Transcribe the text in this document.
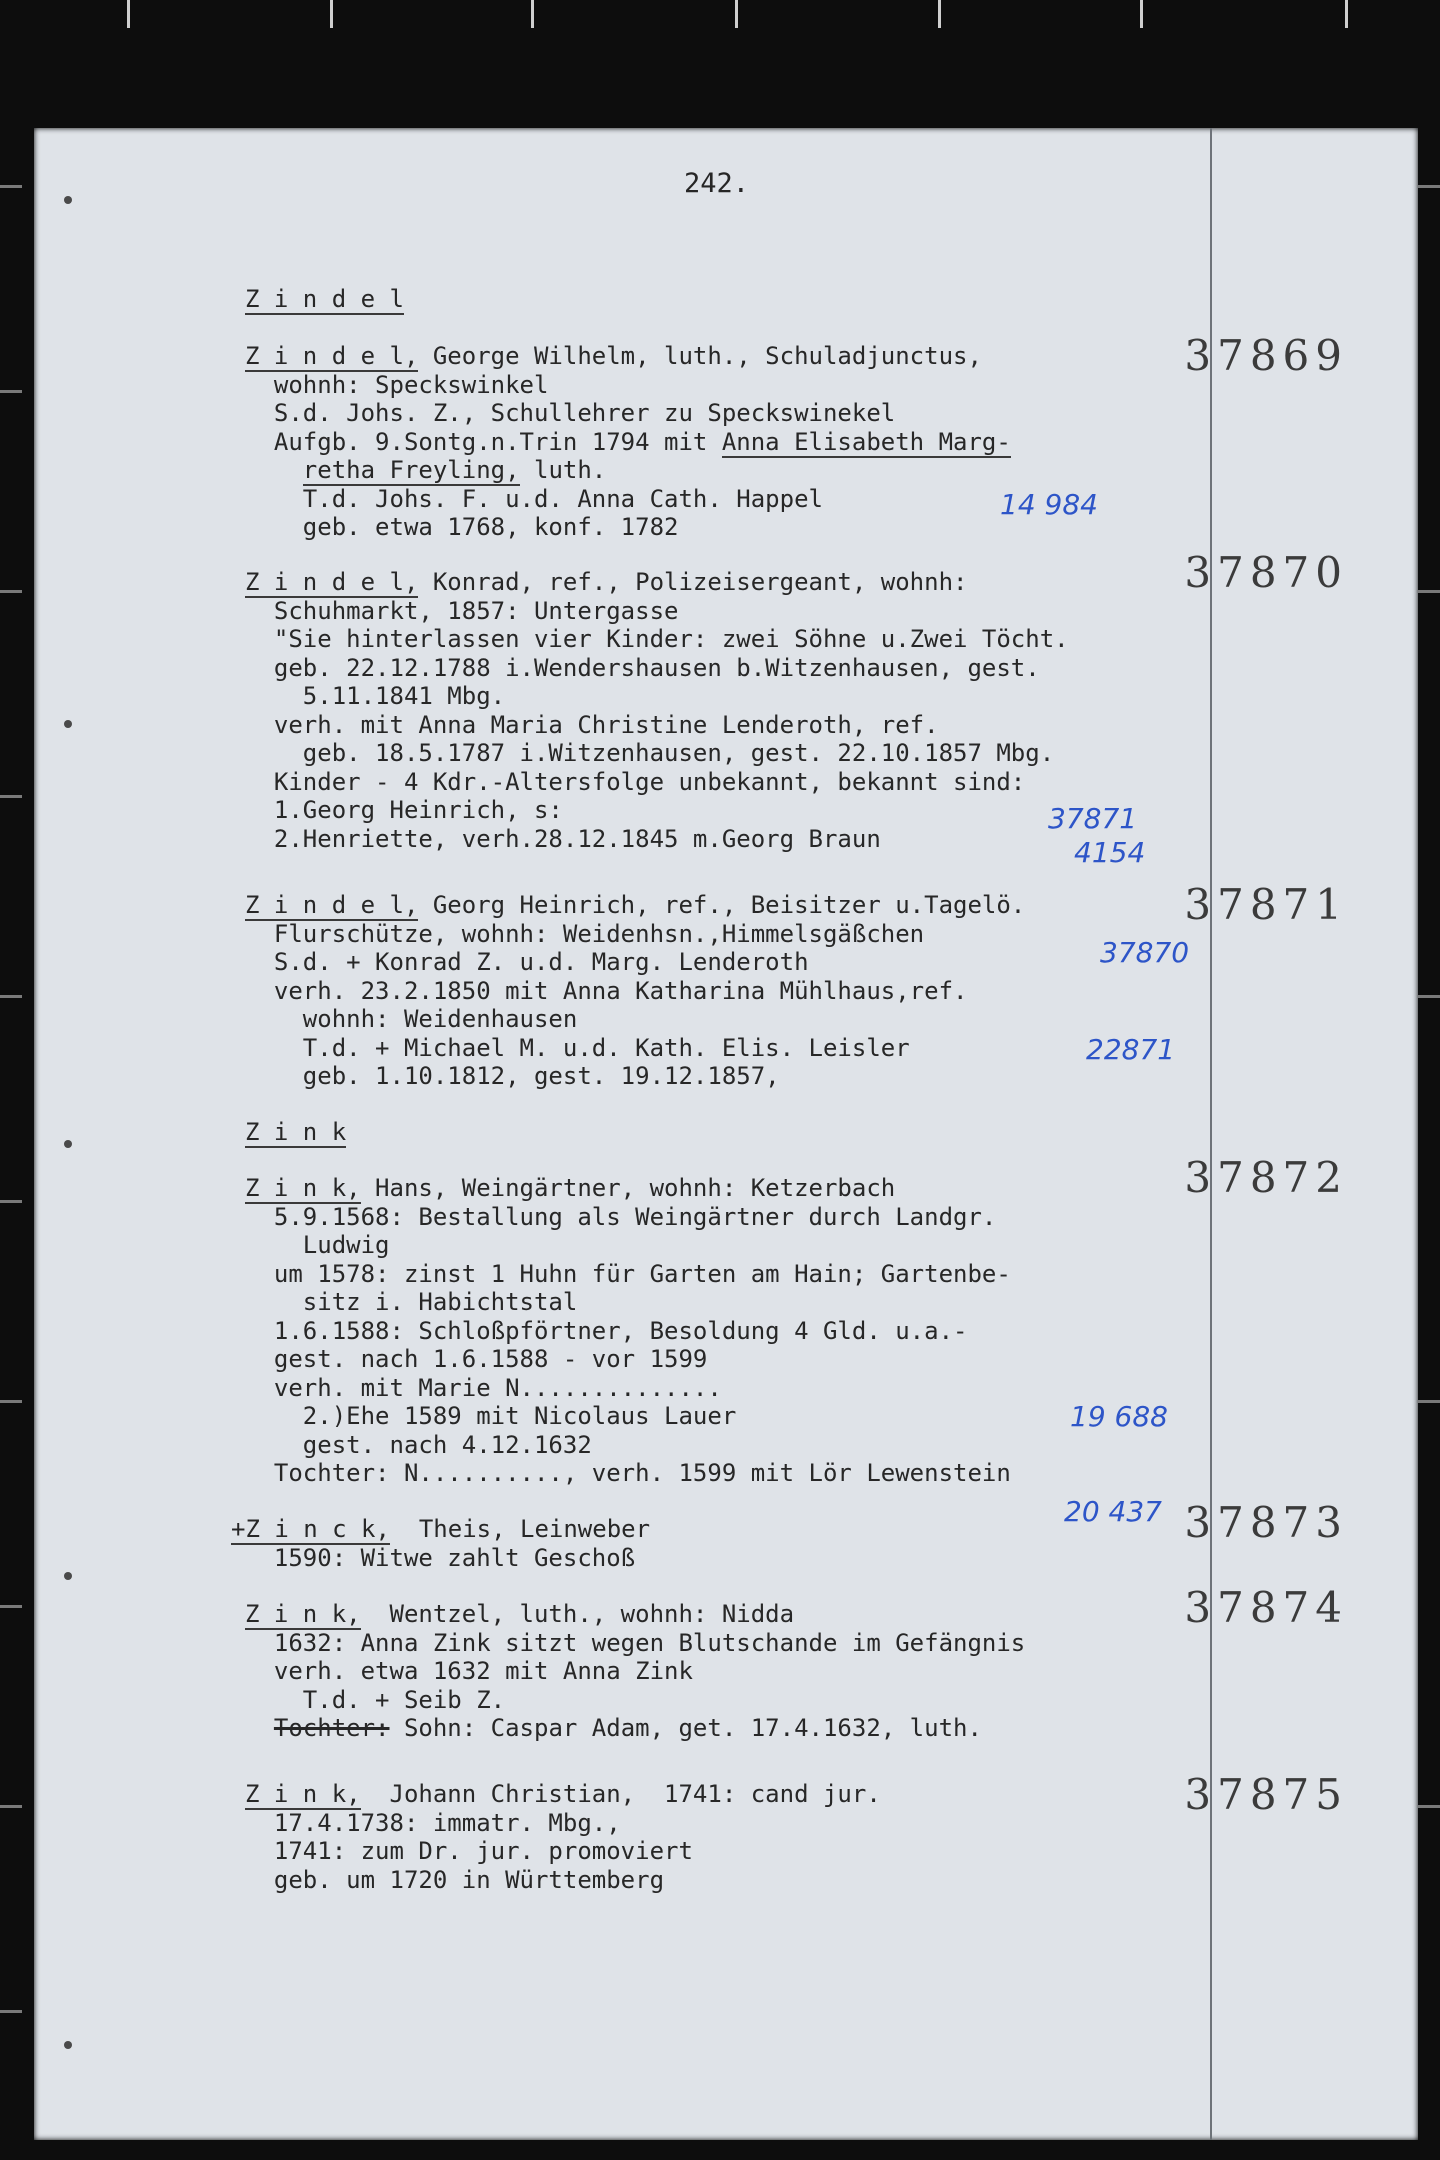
242.

Z i n d e l

37869

Z i n d e l, George Wilhelm, luth., Schuladjunctus,

wohnh: Speckswinkel

S.d. Johs. Z., Schullehrer zu Speckswinekel

Aufgb. 9.Sontg.n.Trin 1794 mit Anna Elisabeth Marg-

retha Freyling, luth.

T.d. Johs. F. u.d. Anna Cath. Happel

geb. etwa 1768, konf. 1782

14 984
37870

Z i n d e l, Konrad, ref., Polizeisergeant, wohnh:

Schuhmarkt, 1857: Untergasse

"Sie hinterlassen vier Kinder: zwei Söhne u.Zwei Töcht.

geb. 22.12.1788 i.Wendershausen b.Witzenhausen, gest.

5.11.1841 Mbg.

verh. mit Anna Maria Christine Lenderoth, ref.

geb. 18.5.1787 i.Witzenhausen, gest. 22.10.1857 Mbg.

Kinder - 4 Kdr.-Altersfolge unbekannt, bekannt sind:

1.Georg Heinrich, s:

2.Henriette, verh.28.12.1845 m.Georg Braun

37871
4154
37871

Z i n d e l, Georg Heinrich, ref., Beisitzer u.Tagelö.

Flurschütze, wohnh: Weidenhsn.,Himmelsgäßchen

S.d. + Konrad Z. u.d. Marg. Lenderoth

verh. 23.2.1850 mit Anna Katharina Mühlhaus,ref.

wohnh: Weidenhausen

T.d. + Michael M. u.d. Kath. Elis. Leisler

geb. 1.10.1812, gest. 19.12.1857,

37870
22871

Z i n k

37872

Z i n k, Hans, Weingärtner, wohnh: Ketzerbach

5.9.1568: Bestallung als Weingärtner durch Landgr.

Ludwig

um 1578: zinst 1 Huhn für Garten am Hain; Gartenbe-

sitz i. Habichtstal

1.6.1588: Schloßpförtner, Besoldung 4 Gld. u.a.-

gest. nach 1.6.1588 - vor 1599

verh. mit Marie N..............

2.)Ehe 1589 mit Nicolaus Lauer

gest. nach 4.12.1632

Tochter: N.........., verh. 1599 mit Lör Lewenstein

19 688
37873

+Z i n c k,  Theis, Leinweber

1590: Witwe zahlt Geschoß

20 437
37874

Z i n k,  Wentzel, luth., wohnh: Nidda

1632: Anna Zink sitzt wegen Blutschande im Gefängnis

verh. etwa 1632 mit Anna Zink

T.d. + Seib Z.

Tochter: Sohn: Caspar Adam, get. 17.4.1632, luth.

37875

Z i n k,  Johann Christian,  1741: cand jur.

17.4.1738: immatr. Mbg.,

1741: zum Dr. jur. promoviert

geb. um 1720 in Württemberg
